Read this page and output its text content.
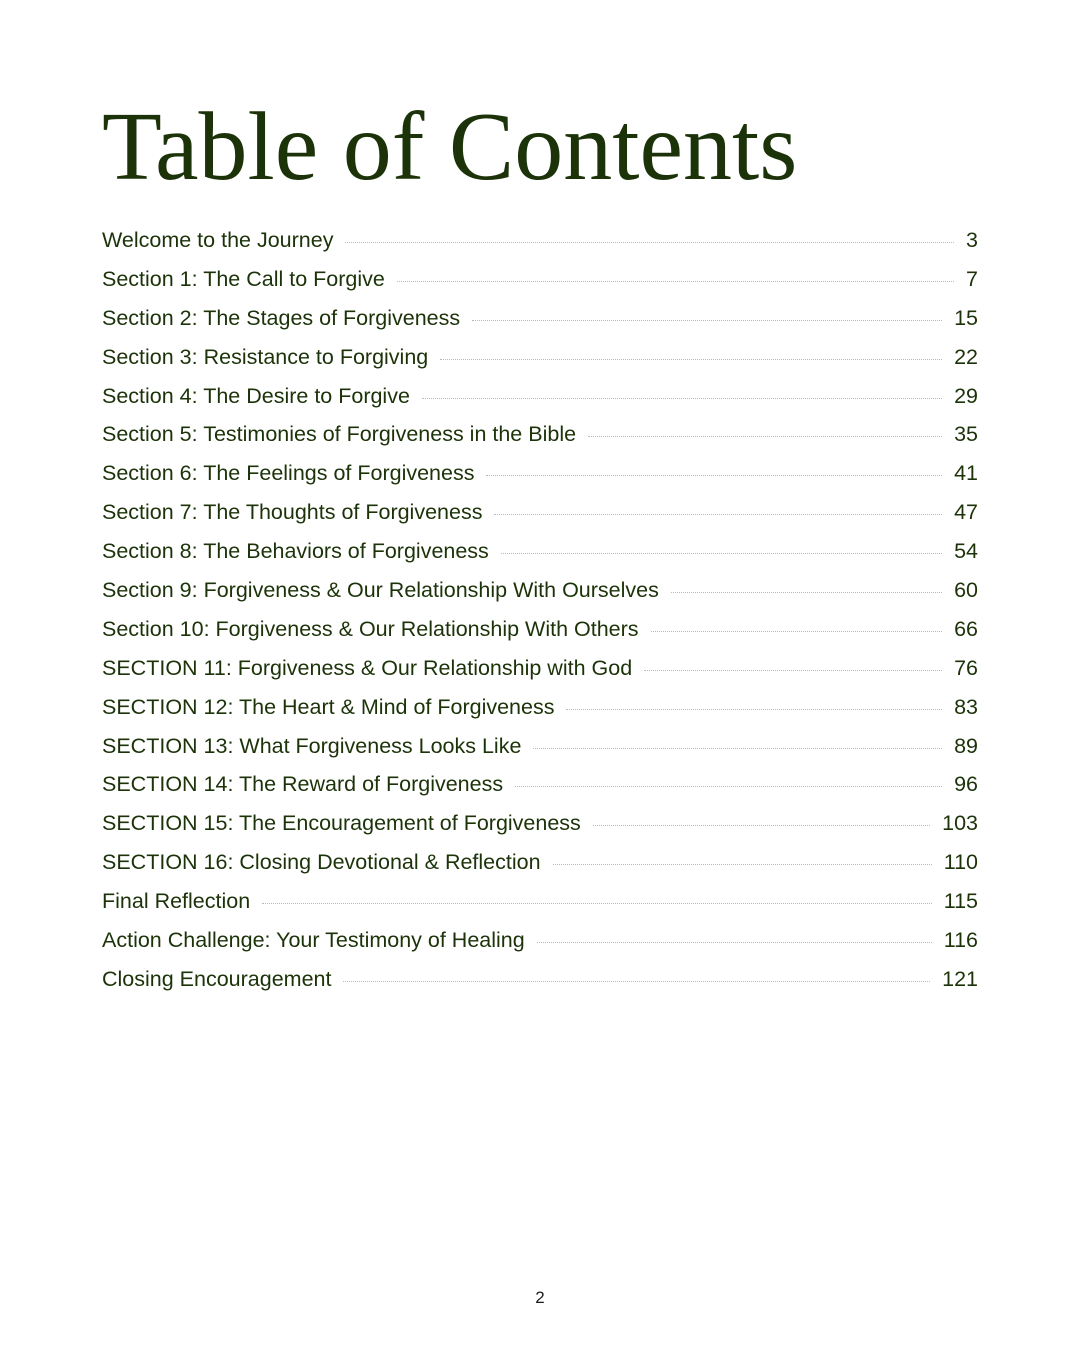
Table of Contents
Welcome to the Journey	3
Section 1: The Call to Forgive	7
Section 2: The Stages of Forgiveness	15
Section 3: Resistance to Forgiving	22
Section 4: The Desire to Forgive	29
Section 5: Testimonies of Forgiveness in the Bible	35
Section 6: The Feelings of Forgiveness	41
Section 7: The Thoughts of Forgiveness	47
Section 8: The Behaviors of Forgiveness	54
Section 9: Forgiveness & Our Relationship With Ourselves	60
Section 10: Forgiveness & Our Relationship With Others	66
SECTION 11: Forgiveness & Our Relationship with God	76
SECTION 12: The Heart & Mind of Forgiveness	83
SECTION 13: What Forgiveness Looks Like	89
SECTION 14: The Reward of Forgiveness	96
SECTION 15: The Encouragement of Forgiveness	103
SECTION 16: Closing Devotional & Reflection	110
Final Reflection	115
Action Challenge: Your Testimony of Healing	116
Closing Encouragement	121
2
